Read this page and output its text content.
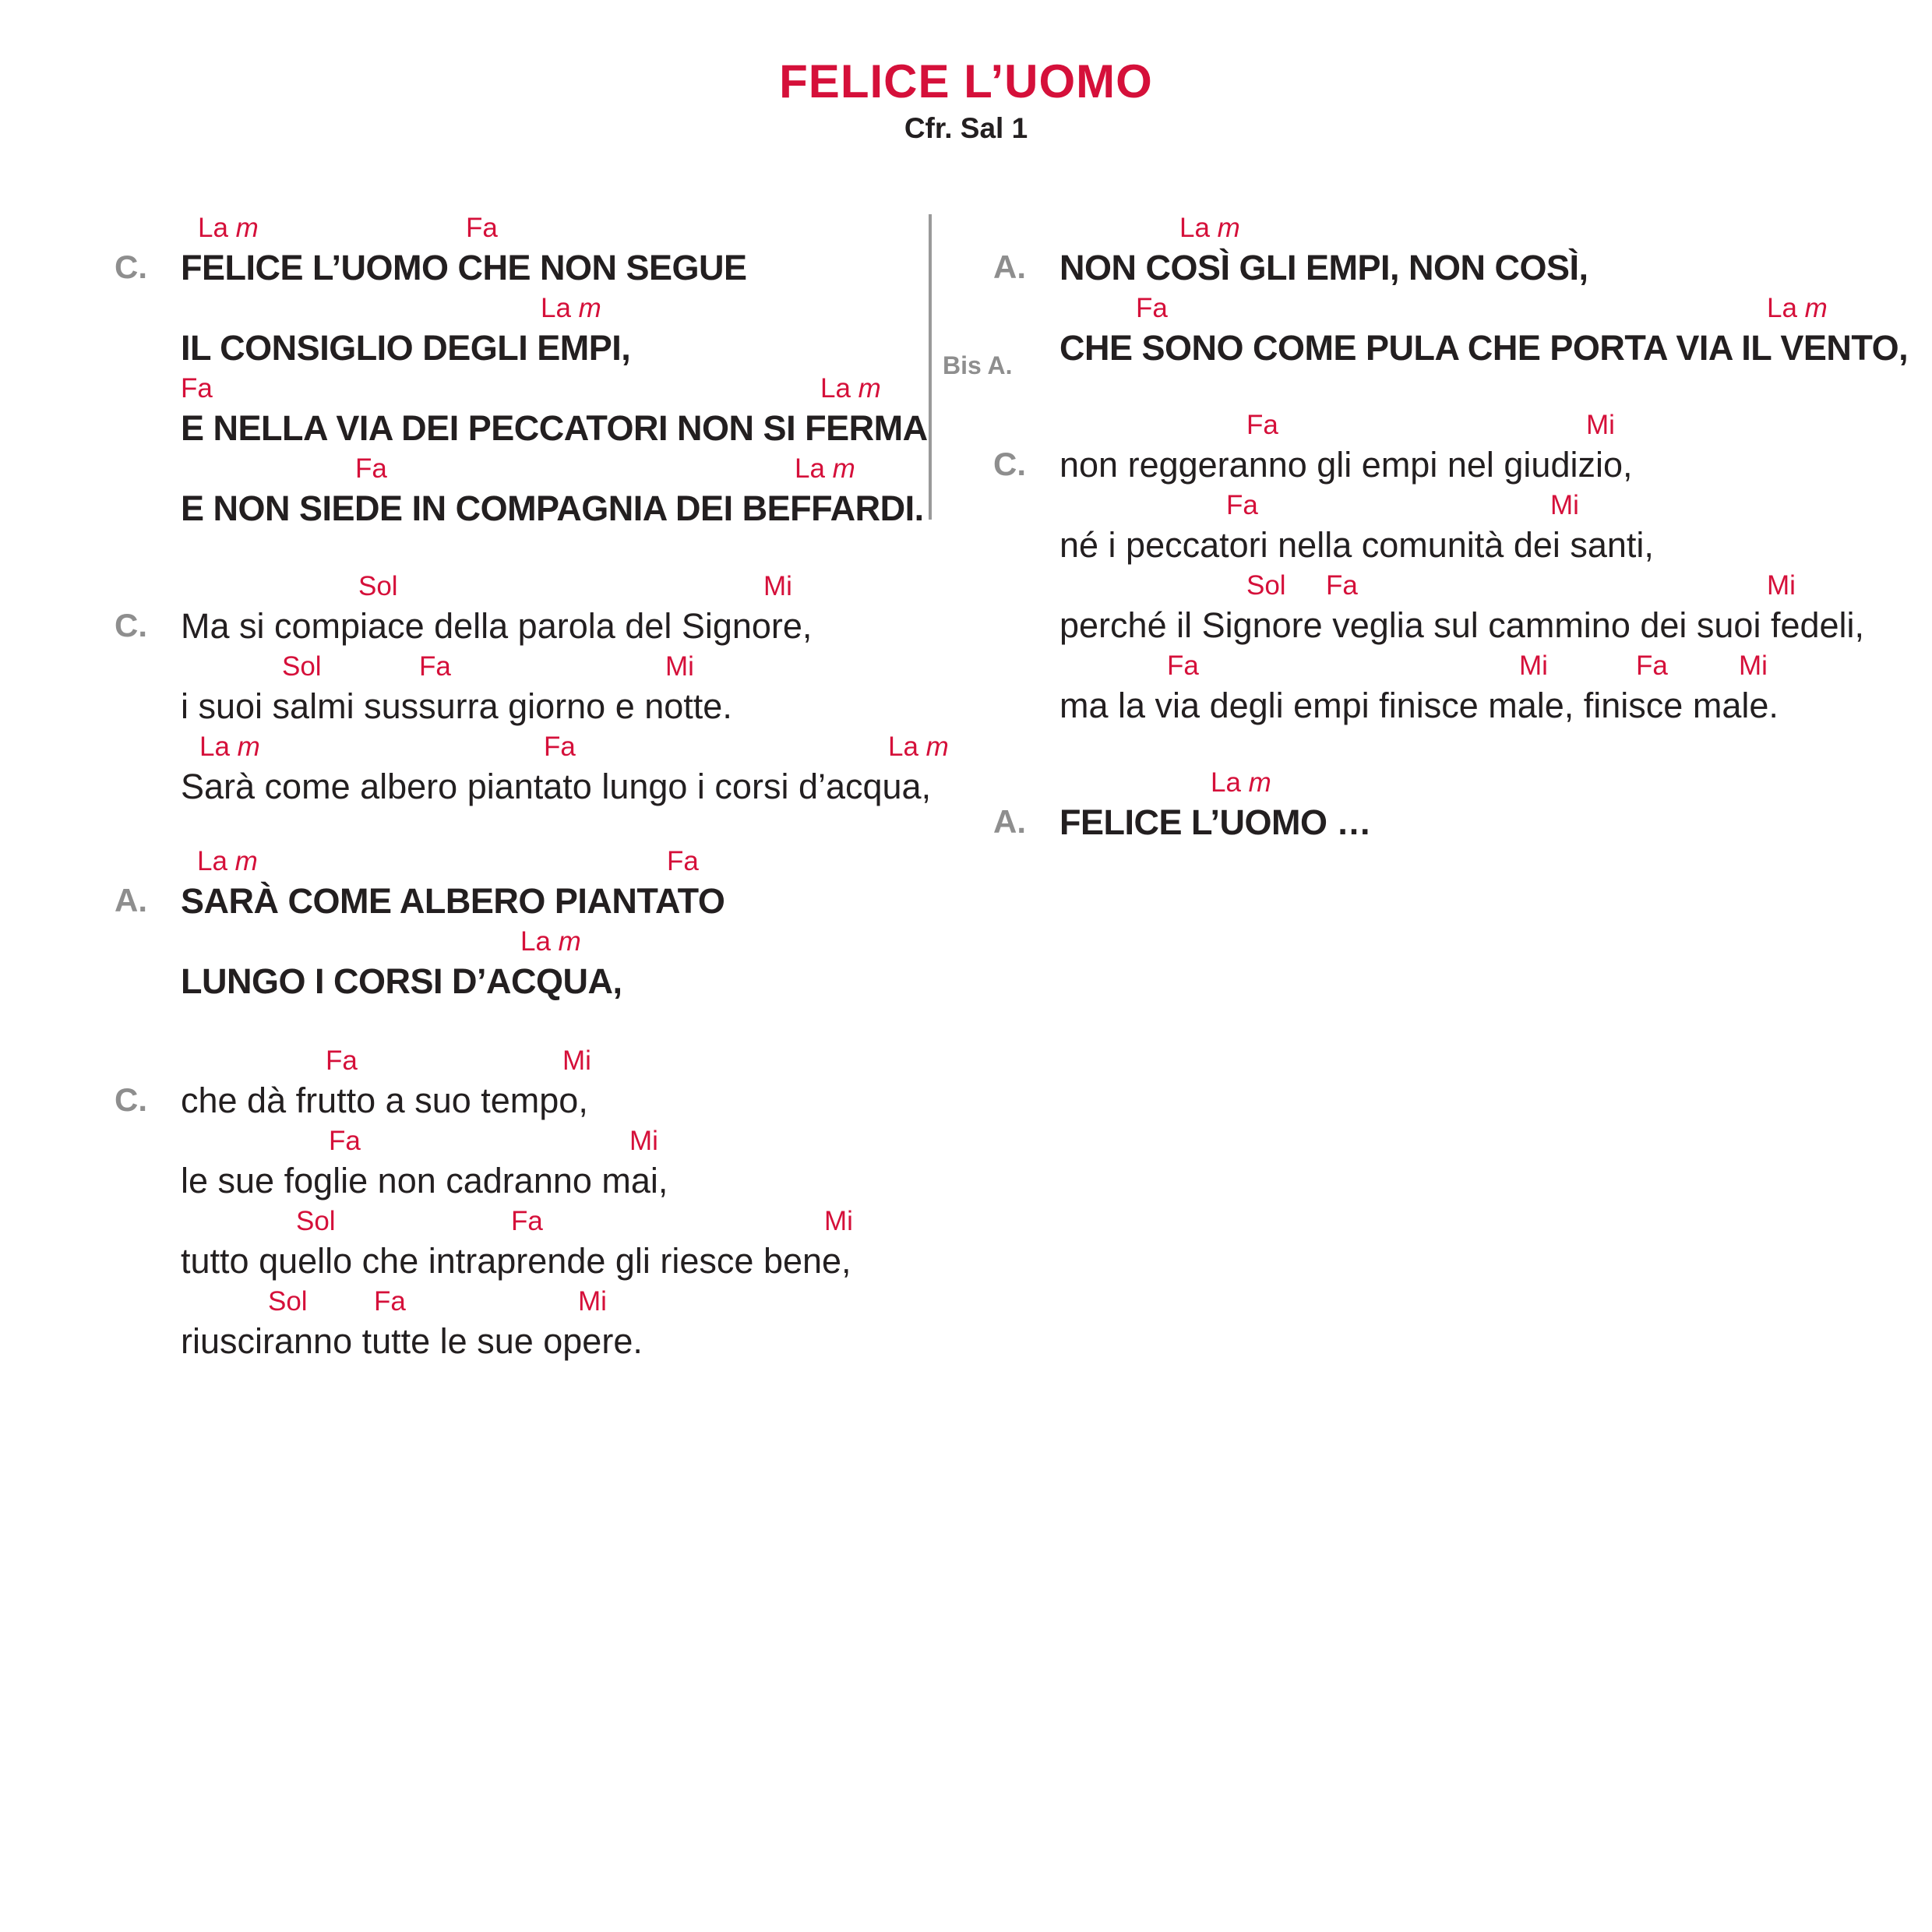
FELICE L’UOMO
Cfr. Sal 1
C.
La m	Fa
FELICE L’UOMO CHE NON SEGUE
La m
IL CONSIGLIO DEGLI EMPI,
Fa	La m
E NELLA VIA DEI PECCATORI NON SI FERMA
Fa	La m
E NON SIEDE IN COMPAGNIA DEI BEFFARDI.
C.
Sol	Mi
Ma si compiace della parola del Signore,
Sol	Fa	Mi
i suoi salmi sussurra giorno e notte.
La m	Fa	La m
Sarà come albero piantato lungo i corsi d’acqua,
A.
La m	Fa
SARÀ COME ALBERO PIANTATO
La m
LUNGO I CORSI D’ACQUA,
C.
Fa	Mi
che dà frutto a suo tempo,
Fa	Mi
le sue foglie non cadranno mai,
Sol	Fa	Mi
tutto quello che intraprende gli riesce bene,
Sol Fa	Mi
riusciranno tutte le sue opere.
A.
La m
NON COSÌ GLI EMPI, NON COSÌ,
Fa	La m
CHE SONO COME PULA CHE PORTA VIA IL VENTO,
C.
Fa	Mi
non reggeranno gli empi nel giudizio,
Fa	Mi
né i peccatori nella comunità dei santi,
Sol Fa	Mi
perché il Signore veglia sul cammino dei suoi fedeli,
Fa	Mi	Fa	Mi
ma la via degli empi finisce male, finisce male.
A.
La m
FELICE L’UOMO …
Bis A.
